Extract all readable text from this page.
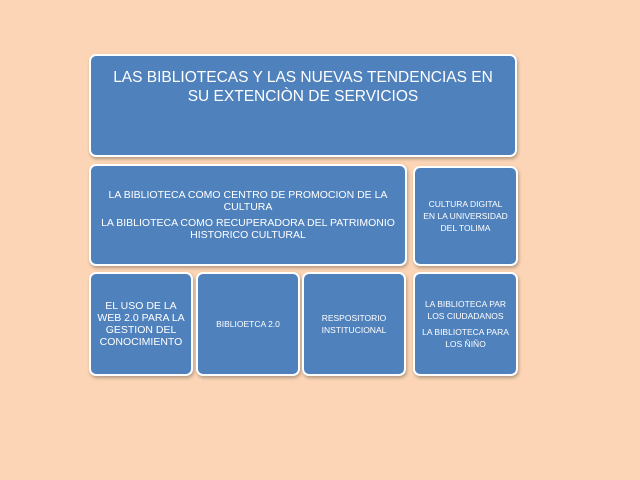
LAS BIBLIOTECAS Y LAS NUEVAS TENDENCIAS EN
SU EXTENCIÒN DE SERVICIOS
LA BIBLIOTECA COMO CENTRO DE PROMOCION DE LA
CULTURA
LA BIBLIOTECA COMO RECUPERADORA DEL PATRIMONIO
HISTORICO CULTURAL
CULTURA DIGITAL
EN LA UNIVERSIDAD
DEL TOLIMA
EL USO DE LA
WEB 2.0 PARA LA
GESTION DEL
CONOCIMIENTO
BIBLIOETCA 2.0
RESPOSITORIO
INSTITUCIONAL
LA BIBLIOTECA PAR
LOS CIUDADANOS
LA BIBLIOTECA PARA
LOS ÑIÑO
